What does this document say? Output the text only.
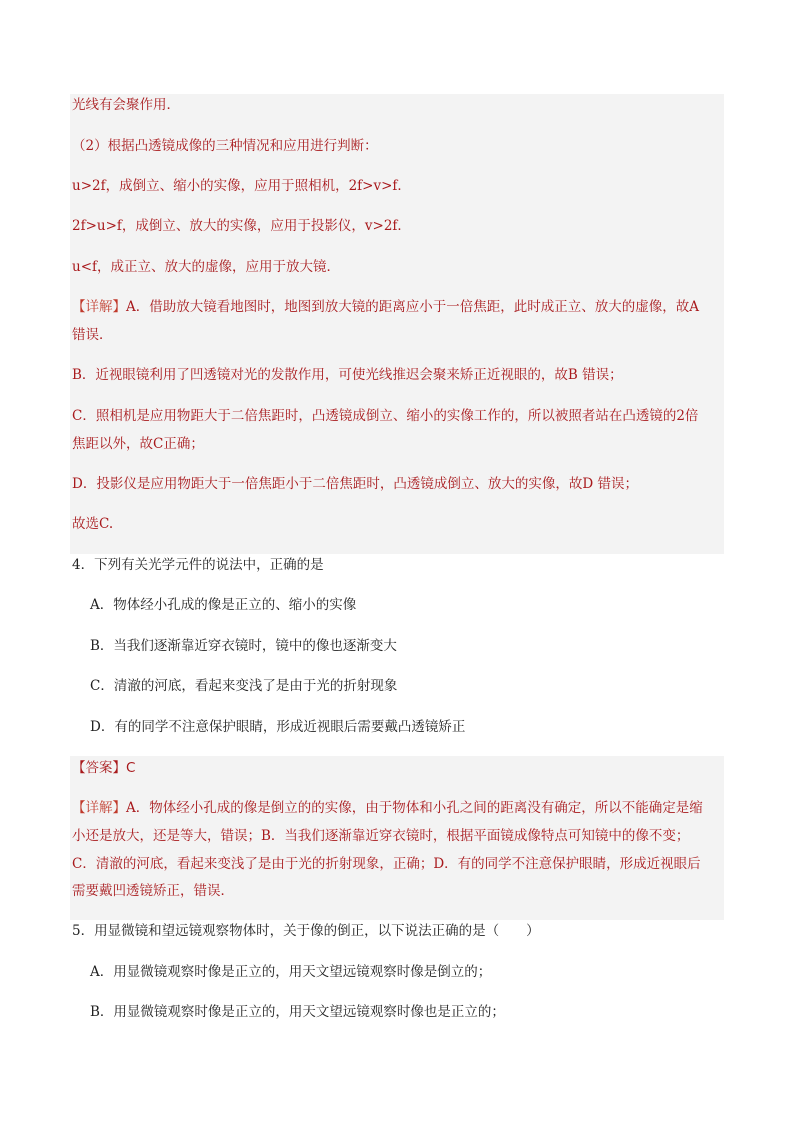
光线有会聚作用．
（2）根据凸透镜成像的三种情况和应用进行判断：
u>2f，成倒立、缩小的实像，应用于照相机，2f>v>f．
2f>u>f，成倒立、放大的实像，应用于投影仪，v>2f．
u<f，成正立、放大的虚像，应用于放大镜．
【详解】A．借助放大镜看地图时，地图到放大镜的距离应小于一倍焦距，此时成正立、放大的虚像，故A
错误．
B．近视眼镜利用了凹透镜对光的发散作用，可使光线推迟会聚来矫正近视眼的，故B 错误；
C．照相机是应用物距大于二倍焦距时，凸透镜成倒立、缩小的实像工作的，所以被照者站在凸透镜的2倍
焦距以外，故C正确；
D．投影仪是应用物距大于一倍焦距小于二倍焦距时，凸透镜成倒立、放大的实像，故D 错误；
故选C.
4．下列有关光学元件的说法中，正确的是
A．物体经小孔成的像是正立的、缩小的实像
B．当我们逐渐靠近穿衣镜时，镜中的像也逐渐变大
C．清澈的河底，看起来变浅了是由于光的折射现象
D．有的同学不注意保护眼睛，形成近视眼后需要戴凸透镜矫正
【答案】C
【详解】A．物体经小孔成的像是倒立的的实像，由于物体和小孔之间的距离没有确定，所以不能确定是缩
小还是放大，还是等大，错误；B．当我们逐渐靠近穿衣镜时，根据平面镜成像特点可知镜中的像不变；
C．清澈的河底，看起来变浅了是由于光的折射现象，正确；D．有的同学不注意保护眼睛，形成近视眼后
需要戴凹透镜矫正，错误．
5．用显微镜和望远镜观察物体时，关于像的倒正，以下说法正确的是（　　）
A．用显微镜观察时像是正立的，用天文望远镜观察时像是倒立的；
B．用显微镜观察时像是正立的，用天文望远镜观察时像也是正立的；
